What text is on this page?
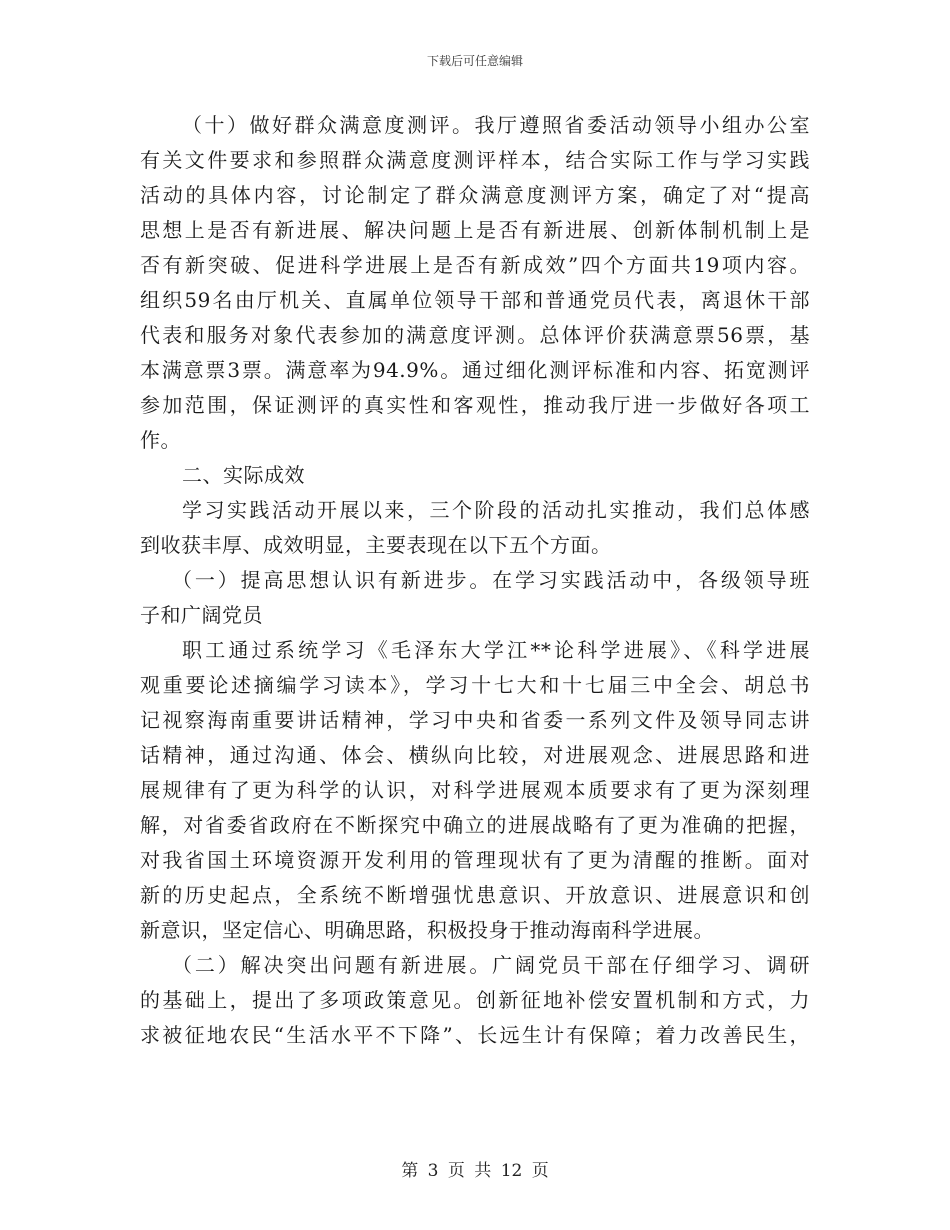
下载后可任意编辑
（十）做好群众满意度测评。我厅遵照省委活动领导小组办公室
有关文件要求和参照群众满意度测评样本，结合实际工作与学习实践
活动的具体内容，讨论制定了群众满意度测评方案，确定了对“提高
思想上是否有新进展、解决问题上是否有新进展、创新体制机制上是
否有新突破、促进科学进展上是否有新成效”四个方面共19项内容。
组织59名由厅机关、直属单位领导干部和普通党员代表，离退休干部
代表和服务对象代表参加的满意度评测。总体评价获满意票56票，基
本满意票3票。满意率为94.9%。通过细化测评标准和内容、拓宽测评
参加范围，保证测评的真实性和客观性，推动我厅进一步做好各项工
作。
二、实际成效
学习实践活动开展以来，三个阶段的活动扎实推动，我们总体感
到收获丰厚、成效明显，主要表现在以下五个方面。
（一）提高思想认识有新进步。在学习实践活动中，各级领导班
子和广阔党员
职工通过系统学习《毛泽东大学江**论科学进展》、《科学进展
观重要论述摘编学习读本》，学习十七大和十七届三中全会、胡总书
记视察海南重要讲话精神，学习中央和省委一系列文件及领导同志讲
话精神，通过沟通、体会、横纵向比较，对进展观念、进展思路和进
展规律有了更为科学的认识，对科学进展观本质要求有了更为深刻理
解，对省委省政府在不断探究中确立的进展战略有了更为准确的把握，
对我省国土环境资源开发利用的管理现状有了更为清醒的推断。面对
新的历史起点，全系统不断增强忧患意识、开放意识、进展意识和创
新意识，坚定信心、明确思路，积极投身于推动海南科学进展。
（二）解决突出问题有新进展。广阔党员干部在仔细学习、调研
的基础上，提出了多项政策意见。创新征地补偿安置机制和方式，力
求被征地农民“生活水平不下降”、长远生计有保障；着力改善民生，
第 3 页 共 12 页
